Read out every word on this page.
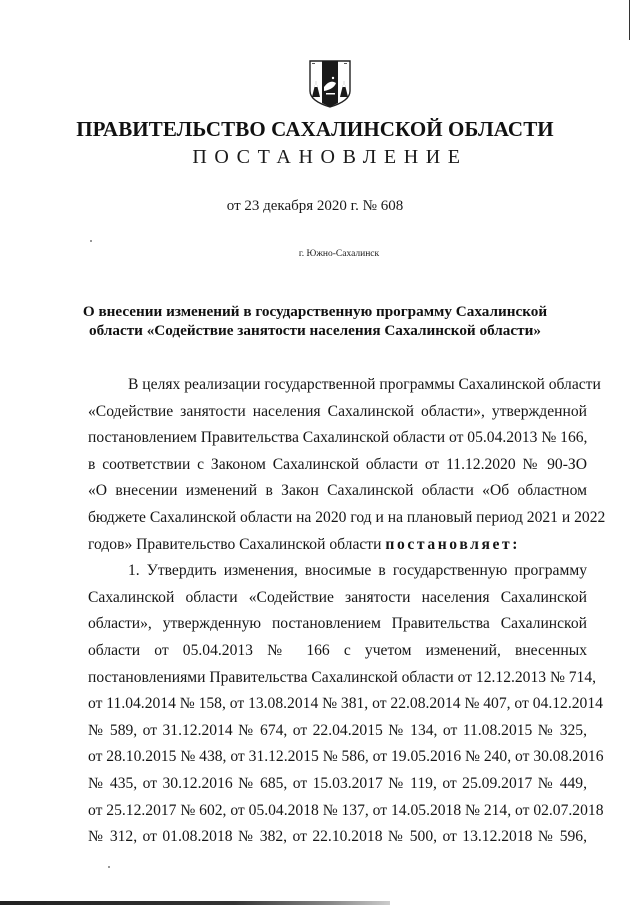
ПРАВИТЕЛЬСТВО САХАЛИНСКОЙ ОБЛАСТИ
ПОСТАНОВЛЕНИЕ
от 23 декабря 2020 г. № 608
г. Южно-Сахалинск
О внесении изменений в государственную программу Сахалинской
области «Содействие занятости населения Сахалинской области»
В целях реализации государственной программы Сахалинской области
«Содействие занятости населения Сахалинской области», утвержденной
постановлением Правительства Сахалинской области от 05.04.2013 № 166,
в соответствии с Законом Сахалинской области от 11.12.2020 № 90-ЗО
«О внесении изменений в Закон Сахалинской области «Об областном
бюджете Сахалинской области на 2020 год и на плановый период 2021 и 2022
годов» Правительство Сахалинской области постановляет:
1. Утвердить изменения, вносимые в государственную программу
Сахалинской области «Содействие занятости населения Сахалинской
области», утвержденную постановлением Правительства Сахалинской
области от 05.04.2013 № 166 с учетом изменений, внесенных
постановлениями Правительства Сахалинской области от 12.12.2013 № 714,
от 11.04.2014 № 158, от 13.08.2014 № 381, от 22.08.2014 № 407, от 04.12.2014
№ 589, от 31.12.2014 № 674, от 22.04.2015 № 134, от 11.08.2015 № 325,
от 28.10.2015 № 438, от 31.12.2015 № 586, от 19.05.2016 № 240, от 30.08.2016
№ 435, от 30.12.2016 № 685, от 15.03.2017 № 119, от 25.09.2017 № 449,
от 25.12.2017 № 602, от 05.04.2018 № 137, от 14.05.2018 № 214, от 02.07.2018
№ 312, от 01.08.2018 № 382, от 22.10.2018 № 500, от 13.12.2018 № 596,
